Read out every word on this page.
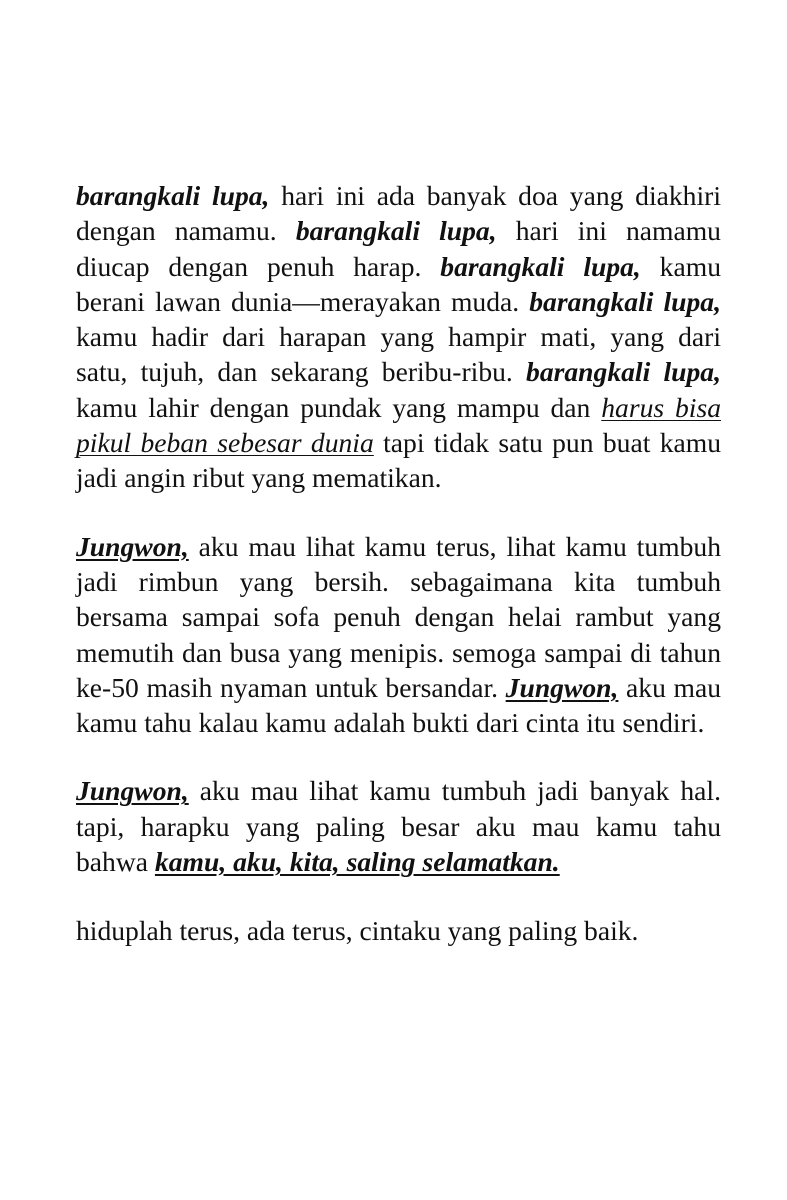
barangkali lupa, hari ini ada banyak doa yang diakhiri dengan namamu. barangkali lupa, hari ini namamu diucap dengan penuh harap. barangkali lupa, kamu berani lawan dunia—merayakan muda. barangkali lupa, kamu hadir dari harapan yang hampir mati, yang dari satu, tujuh, dan sekarang beribu-ribu. barangkali lupa, kamu lahir dengan pundak yang mampu dan harus bisa pikul beban sebesar dunia tapi tidak satu pun buat kamu jadi angin ribut yang mematikan.

Jungwon, aku mau lihat kamu terus, lihat kamu tumbuh jadi rimbun yang bersih. sebagaimana kita tumbuh bersama sampai sofa penuh dengan helai rambut yang memutih dan busa yang menipis. semoga sampai di tahun ke-50 masih nyaman untuk bersandar. Jungwon, aku mau kamu tahu kalau kamu adalah bukti dari cinta itu sendiri.

Jungwon, aku mau lihat kamu tumbuh jadi banyak hal. tapi, harapku yang paling besar aku mau kamu tahu bahwa kamu, aku, kita, saling selamatkan.

hiduplah terus, ada terus, cintaku yang paling baik.
